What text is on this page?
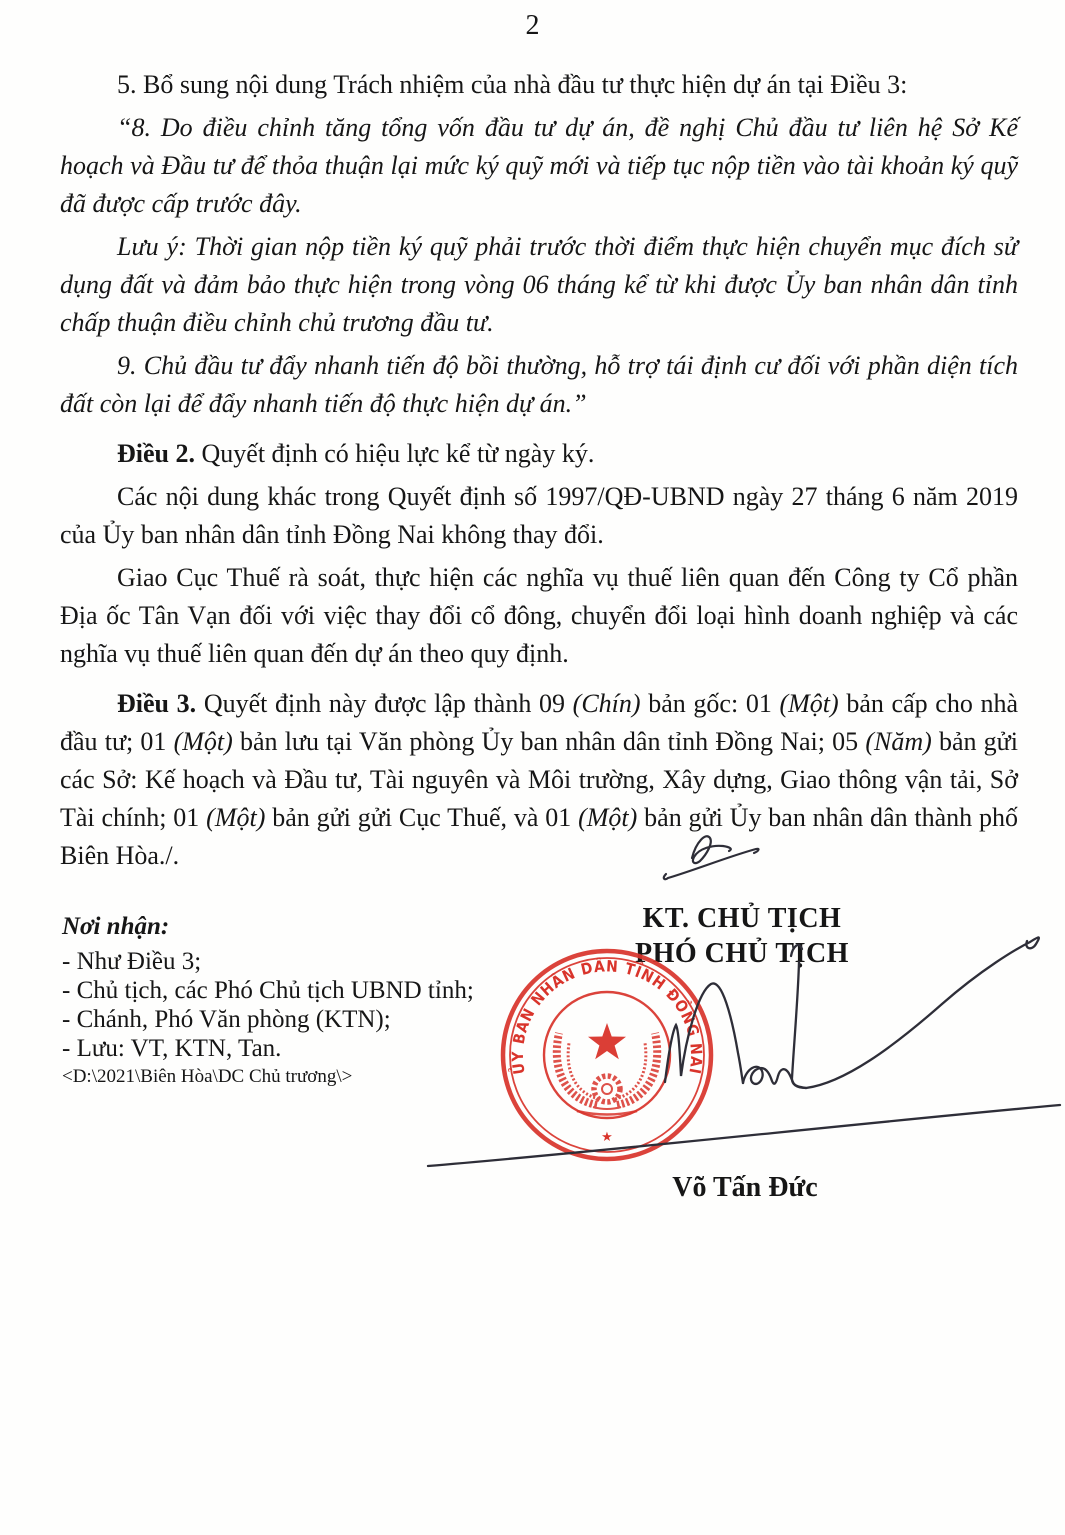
2

5. Bổ sung nội dung Trách nhiệm của nhà đầu tư thực hiện dự án tại Điều 3:

“8. Do điều chỉnh tăng tổng vốn đầu tư dự án, đề nghị Chủ đầu tư liên hệ Sở Kế hoạch và Đầu tư để thỏa thuận lại mức ký quỹ mới và tiếp tục nộp tiền vào tài khoản ký quỹ đã được cấp trước đây.

Lưu ý: Thời gian nộp tiền ký quỹ phải trước thời điểm thực hiện chuyển mục đích sử dụng đất và đảm bảo thực hiện trong vòng 06 tháng kể từ khi được Ủy ban nhân dân tỉnh chấp thuận điều chỉnh chủ trương đầu tư.

9. Chủ đầu tư đẩy nhanh tiến độ bồi thường, hỗ trợ tái định cư đối với phần diện tích đất còn lại để đẩy nhanh tiến độ thực hiện dự án.”

Điều 2. Quyết định có hiệu lực kể từ ngày ký.

Các nội dung khác trong Quyết định số 1997/QĐ-UBND ngày 27 tháng 6 năm 2019 của Ủy ban nhân dân tỉnh Đồng Nai không thay đổi.

Giao Cục Thuế rà soát, thực hiện các nghĩa vụ thuế liên quan đến Công ty Cổ phần Địa ốc Tân Vạn đối với việc thay đổi cổ đông, chuyển đổi loại hình doanh nghiệp và các nghĩa vụ thuế liên quan đến dự án theo quy định.

Điều 3. Quyết định này được lập thành 09 (Chín) bản gốc: 01 (Một) bản cấp cho nhà đầu tư; 01 (Một) bản lưu tại Văn phòng Ủy ban nhân dân tỉnh Đồng Nai; 05 (Năm) bản gửi các Sở: Kế hoạch và Đầu tư, Tài nguyên và Môi trường, Xây dựng, Giao thông vận tải, Sở Tài chính; 01 (Một) bản gửi gửi Cục Thuế, và 01 (Một) bản gửi Ủy ban nhân dân thành phố Biên Hòa./.

Nơi nhận:
- Như Điều 3;
- Chủ tịch, các Phó Chủ tịch UBND tỉnh;
- Chánh, Phó Văn phòng (KTN);
- Lưu: VT, KTN, Tan.
<D:\2021\Biên Hòa\DC Chủ trương\>
KT. CHỦ TỊCH
PHÓ CHỦ TỊCH
ỦY BAN NHÂN DÂN TỈNH ĐỒNG NAI
★
Võ Tấn Đức
